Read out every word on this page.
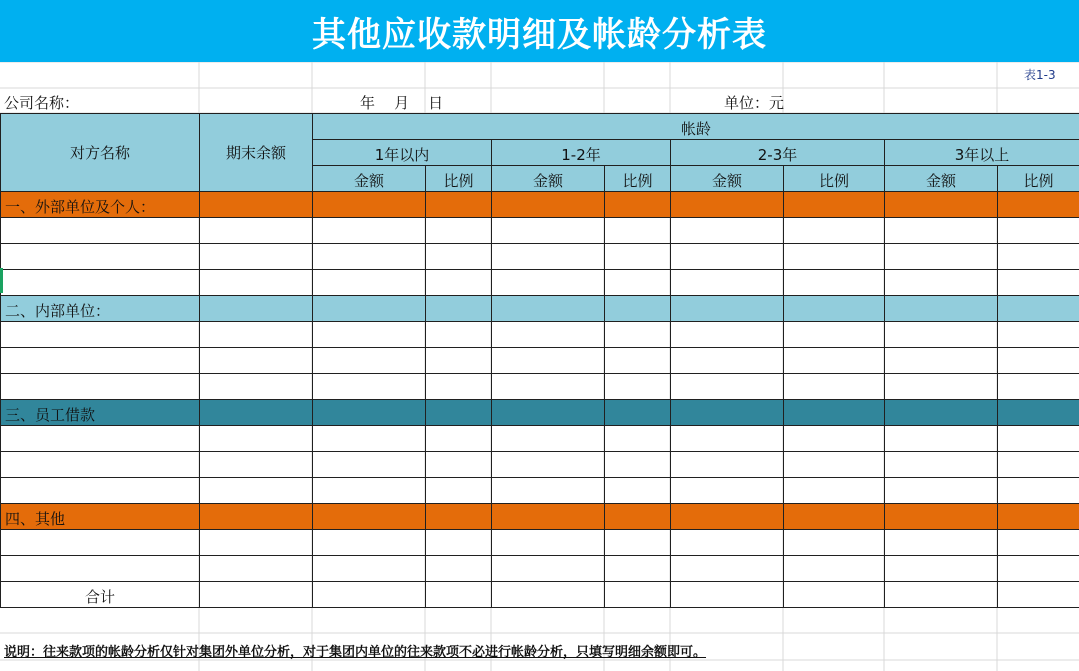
其他应收款明细及帐龄分析表
表1-3
公司名称：	年    月    日	单位：元
对方名称	期末余额	帐龄							
		1年以内		1-2年		2-3年		3年以上	
		金额	比例	金额	比例	金额	比例	金额	比例
一、外部单位及个人：									

二、内部单位：									

三、员工借款									

四、其他									

合计									
说明：往来款项的帐龄分析仅针对集团外单位分析，对于集团内单位的往来款项不必进行帐龄分析，只填写明细余额即可。
